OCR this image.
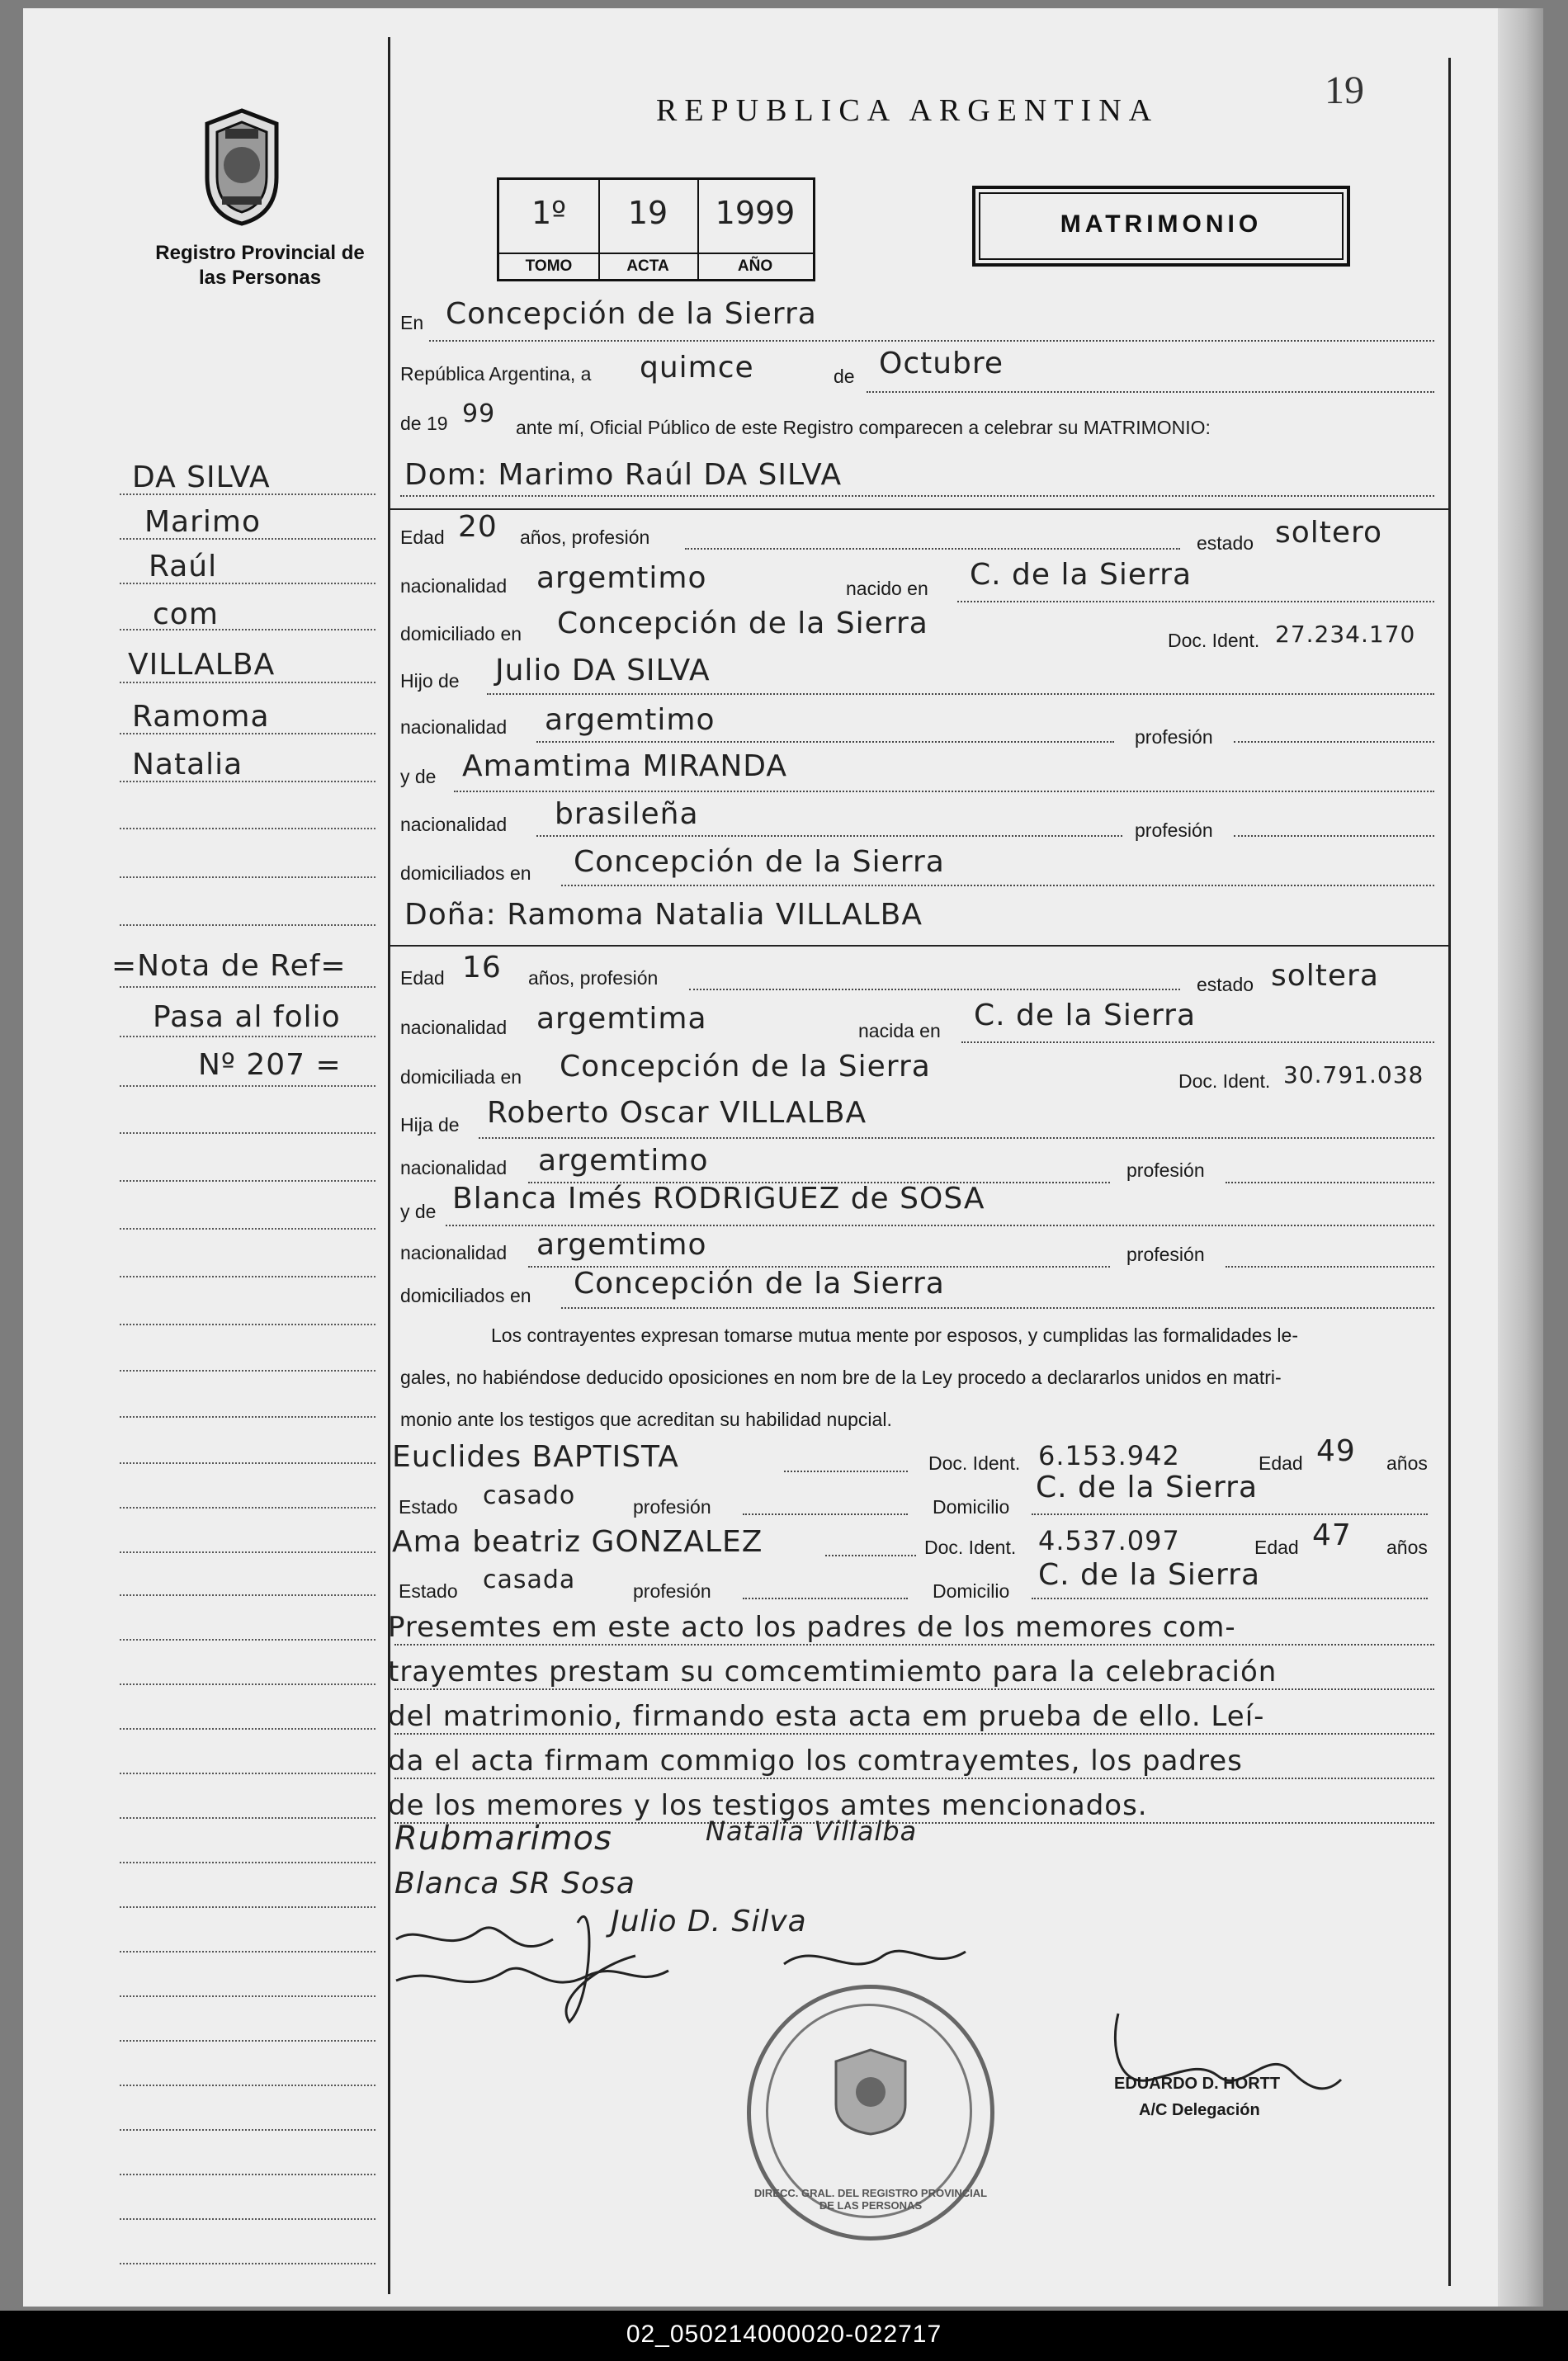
REPUBLICA ARGENTINA	19
Registro Provincial de las Personas
1º
TOMO
19
ACTA
1999
AÑO
MATRIMONIO
DA SILVA
Marimo
Raúl
com
VILLALBA
Ramoma
Natalia
=Nota de Ref=
Pasa al folio
Nº 207 =
En Concepción de la Sierra
República Argentina, a quimce	de Octubre
de 19 99 ante mí, Oficial Público de este Registro comparecen a celebrar su MATRIMONIO:
Dom: Marimo Raúl DA SILVA
Edad 20 años, profesión	estado soltero
nacionalidad argemtimo	nacido en C. de la Sierra
domiciliado en Concepción de la Sierra	Doc. Ident. 27.234.170
Hijo de Julio DA SILVA
nacionalidad argemtimo	profesión
y de Amamtima MIRANDA
nacionalidad brasileña	profesión
domiciliados en Concepción de la Sierra
Doña: Ramoma Natalia VILLALBA
Edad 16 años, profesión	estado soltera
nacionalidad argemtima	nacida en C. de la Sierra
domiciliada en Concepción de la Sierra	Doc. Ident. 30.791.038
Hija de Roberto Oscar VILLALBA
nacionalidad argemtimo	profesión
y de Blanca Imés RODRIGUEZ de SOSA
nacionalidad argemtimo	profesión
domiciliados en Concepción de la Sierra
Los contrayentes expresan tomarse mutua mente por esposos, y cumplidas las formalidades le-
gales, no habiéndose deducido oposiciones en nom bre de la Ley procedo a declararlos unidos en matri-
monio ante los testigos que acreditan su habilidad nupcial.
Euclides BAPTISTA	Doc. Ident. 6.153.942	Edad 49 años
Estado casado	profesión	Domicilio
C. de la Sierra
Ama beatriz GONZALEZ	Doc. Ident. 4.537.097	Edad 47 años
Estado casada	profesión	Domicilio C. de la Sierra
Presemtes em este acto los padres de los memores com-
trayemtes prestam su comcemtimiemto para la celebración
del matrimonio, firmando esta acta em prueba de ello. Leí-
da el acta firmam commigo los comtrayemtes, los padres
de los memores y los testigos amtes mencionados.
Rubmarimos	Natalia Villalba
Blanca SR Sosa
Julio D. Silva
DIRECC. GRAL. DEL REGISTRO PROVINCIAL DE LAS PERSONAS
EDUARDO D. HORTT
A/C Delegación
02_050214000020-022717
